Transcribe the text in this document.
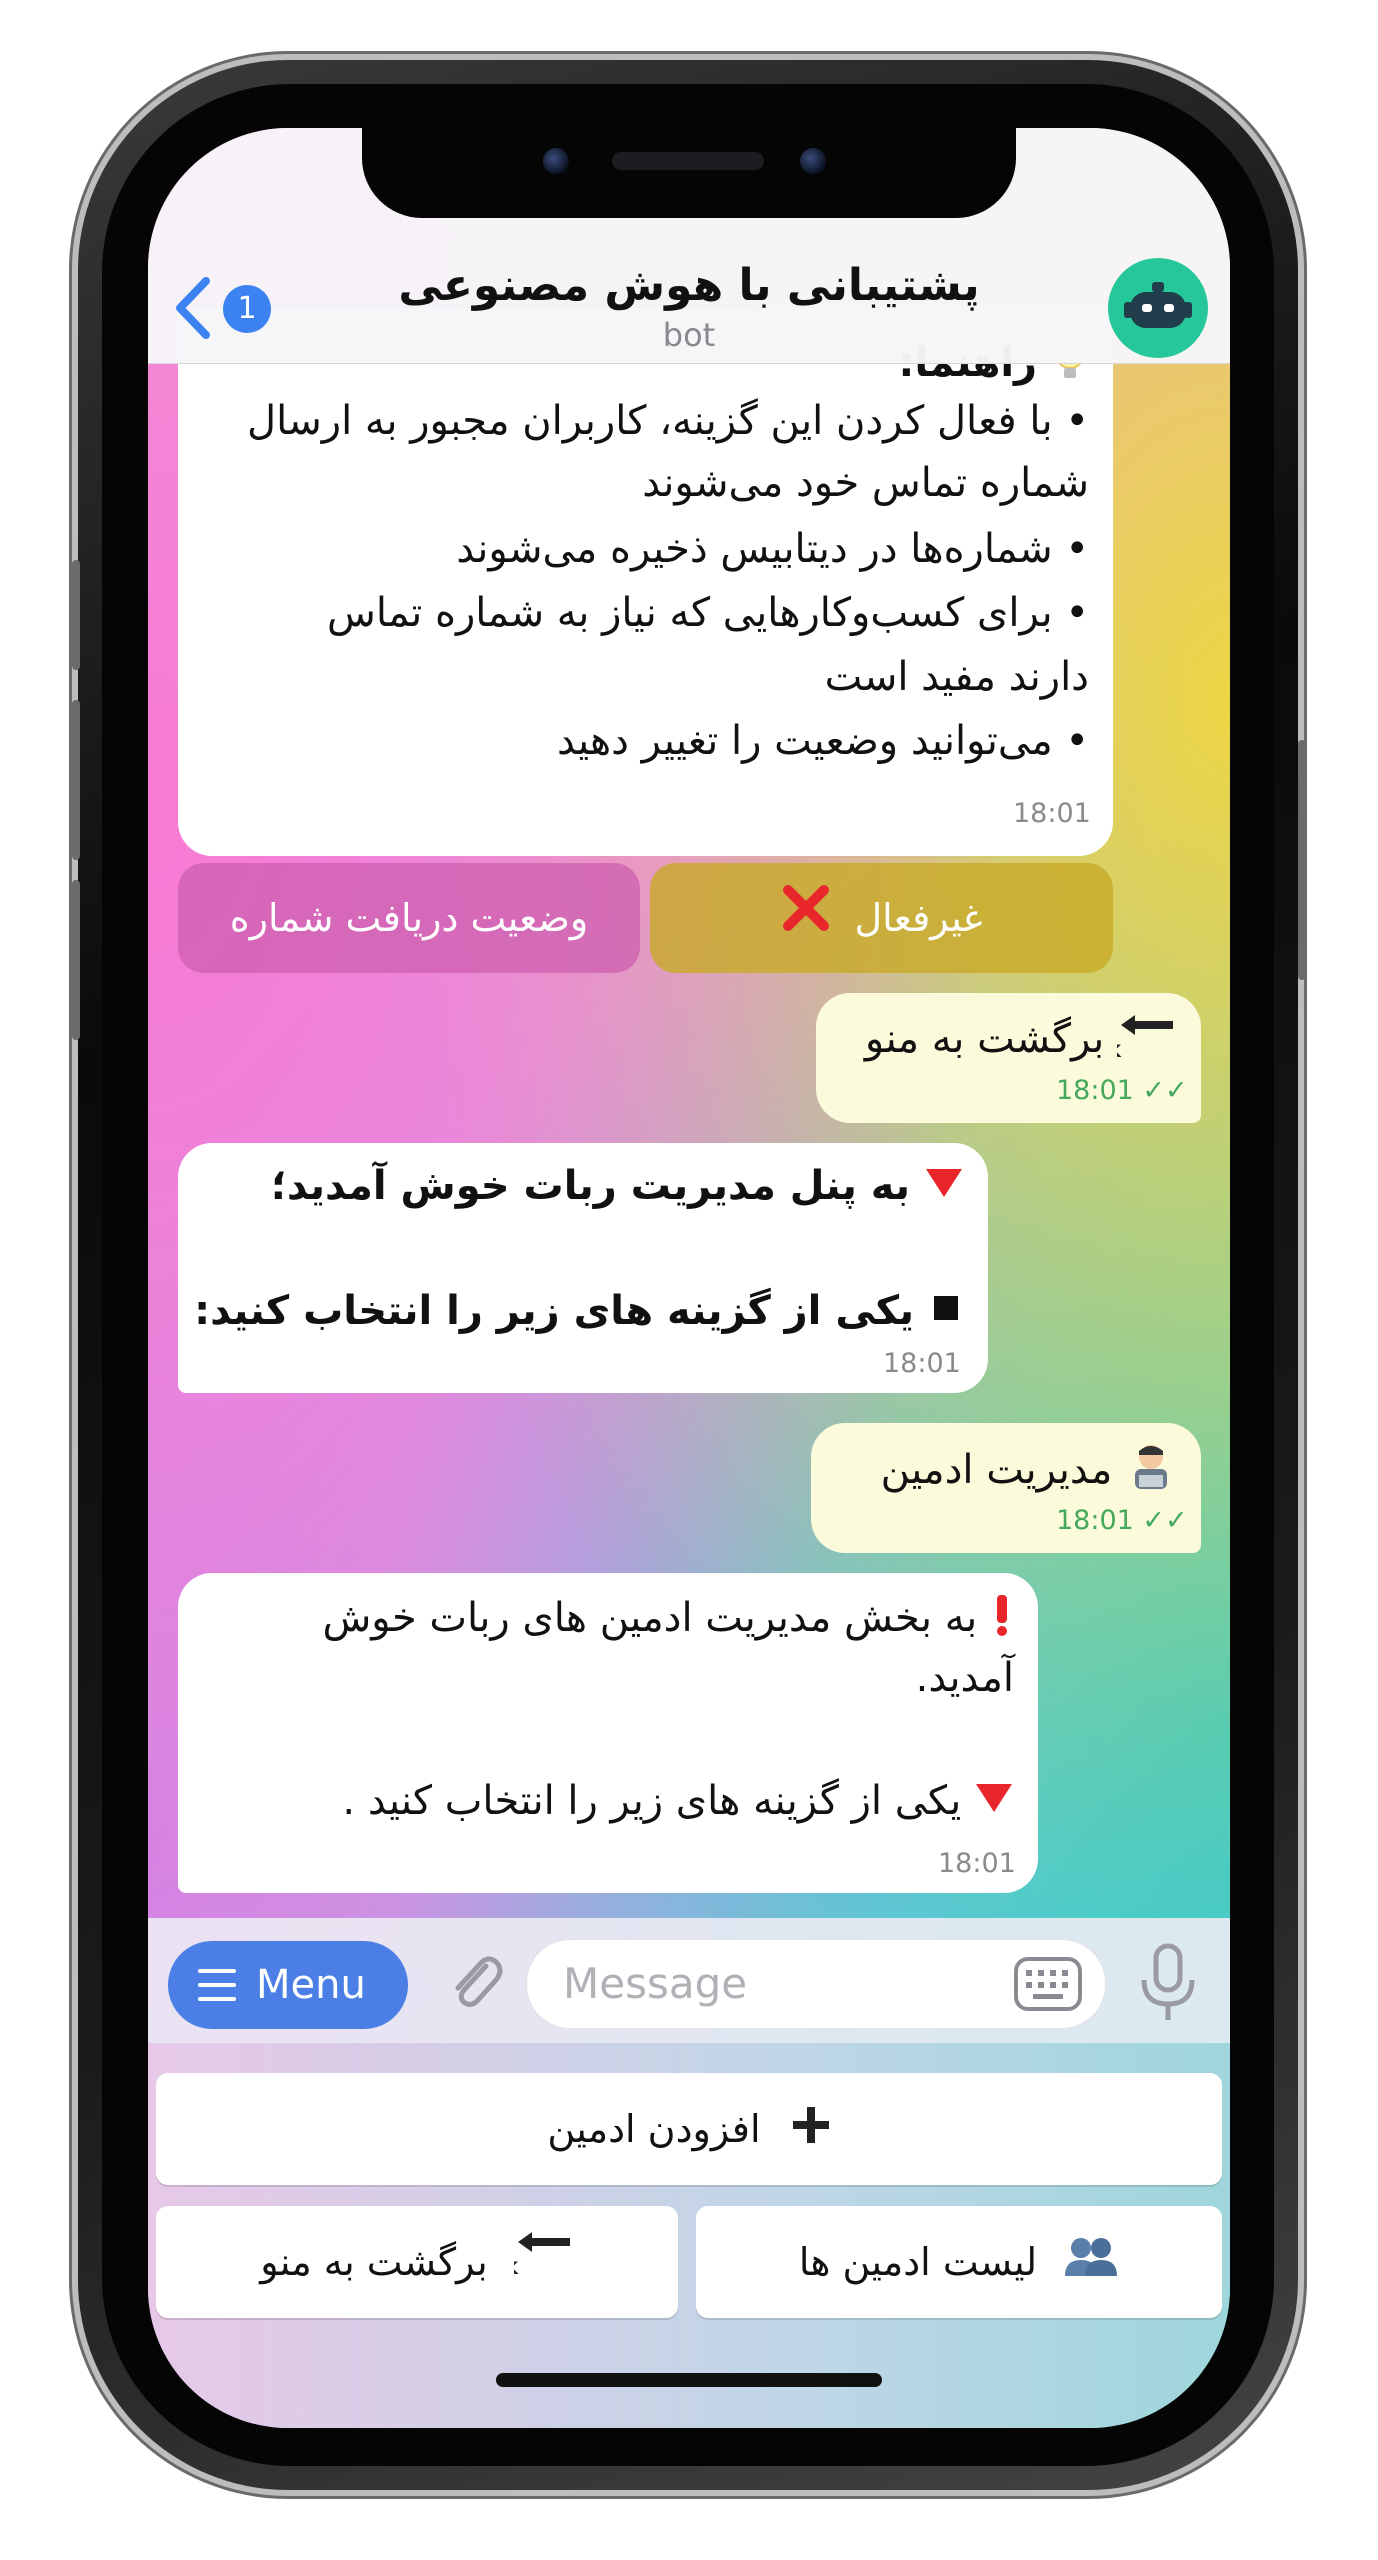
• با فعال کردن این گزینه، کاربران مجبور به ارسال
شماره تماس خود می‌شوند
• شماره‌ها در دیتابیس ذخیره می‌شوند
• برای کسب‌وکارهایی که نیاز به شماره تماس
دارند مفید است
• می‌توانید وضعیت را تغییر دهید
18:01
وضعیت دریافت شماره	غیرفعال
برگشت به منو
18:01 ✓✓
به پنل مدیریت ربات خوش آمدید؛
یکی از گزینه های زیر را انتخاب کنید:
18:01
مدیریت ادمین
18:01 ✓✓
به بخش مدیریت ادمین های ربات خوش
آمدید.
یکی از گزینه های زیر را انتخاب کنید .
18:01
1	پشتیبانی با هوش مصنوعی
bot
Menu	Message
افزودن ادمین
لیست ادمین ها
برگشت به منو
